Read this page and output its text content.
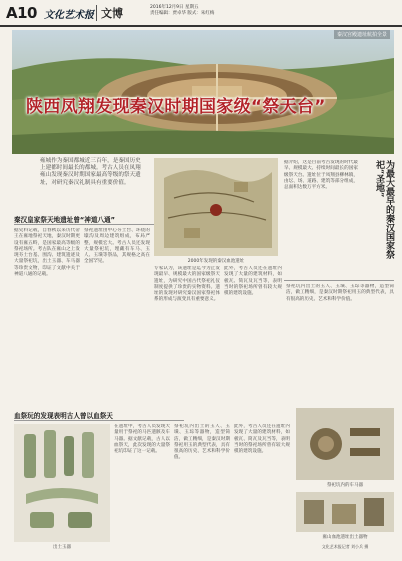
A10 文化艺术报 文博	2016年12月9日 星期五
责任编辑：贾卓华 版式：朱红梅
秦汉宫殿遗址航拍全景
陕西凤翔发现秦汉时期国家级“祭天台”
雍城作为秦国都城近三百年，是秦国历史上建都时间最长的都城。考古人员在凤翔雍山发现秦汉时期国家最高等级的祭天遗址，对研究秦汉礼制具有重要价值。
据介绍，这是目前考古发现的时代最早、规模最大、持续时间最长的国家级祭天台。遗址位于凤翔县柳林镇，由坛、场、道路、建筑等部分组成，总面积达数万平方米。	为最大最早的秦汉国家祭祀“圣地”
2000年发现的秦汉血池遗址
秦汉皇家祭天地遗址曾“神道八通”
据史料记载，自春秋以来历代帝王在雍地祭祀天地，秦汉时期更设有雍五畤，是国家最高等级的祭祀场所。考古队在雍山之上发现夯土台基、围沟、建筑遗迹及大量祭祀坑，出土玉器、车马器等珍贵文物，印证了文献中关于神道八通的记载。
祭祀遗址由中心夯土台、环绕的壕沟及周边建筑组成，布局严整，规模宏大。考古人员还发现大量祭祀坑，埋藏有车马、玉人、玉璜等祭品，其规格之高在全国罕见。
专家认为，该遗址是迄今为止发现最早、规模最大的国家级祭天遗址，为研究中国古代祭祀礼仪制度提供了珍贵的实物资料。遗址的发现对研究秦汉国家祭祀体系的形成与演变具有重要意义。
此外，考古人员还在遗址内发现了大量的建筑材料，如板瓦、筒瓦及瓦当等，表明当时的祭祀场所曾有较大规模的建筑设施。
祭祀坑内出土的玉人、玉璜、玉琮等器物，造型简洁，做工精细，是秦汉时期祭祀用玉的典型代表，具有很高的历史、艺术和科学价值。
血祭玩的发现表明古人曾以血祭天
出土玉器
在遗址中，考古人员发现大量用于祭祀的马匹遗骸及车马器。据文献记载，古人以血祭天，此次发现的大量祭祀坑印证了这一记载。
祭祀坑内出土的玉人、玉璜、玉琮等器物，造型简洁，做工精细，是秦汉时期祭祀用玉的典型代表，具有很高的历史、艺术和科学价值。
此外，考古人员还在遗址内发现了大量的建筑材料，如板瓦、筒瓦及瓦当等，表明当时的祭祀场所曾有较大规模的建筑设施。
祭祀坑内的车马器
雍山血池遗址出土器物
文化艺术报记者 刘小兵 摄
